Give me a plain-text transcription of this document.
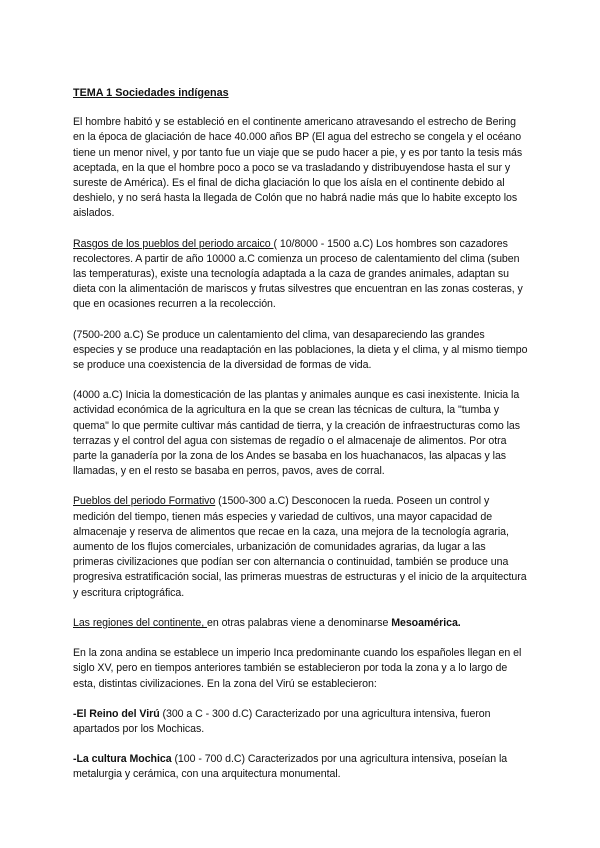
TEMA 1 Sociedades indígenas

El hombre habitó y se estableció en el continente americano atravesando el estrecho de Bering en la época de glaciación de hace 40.000 años BP (El agua del estrecho se congela y el océano tiene un menor nivel, y por tanto fue un viaje que se pudo hacer a pie, y es por tanto la tesis más aceptada, en la que el hombre poco a poco se va trasladando y distribuyendose hasta el sur y sureste de América). Es el final de dicha glaciación lo que los aísla en el continente debido al deshielo, y no será hasta la llegada de Colón que no habrá nadie más que lo habite excepto los aislados.

Rasgos de los pueblos del periodo arcaico ( 10/8000 - 1500 a.C) Los hombres son cazadores recolectores. A partir de año 10000 a.C comienza un proceso de calentamiento del clima (suben las temperaturas), existe una tecnología adaptada a la caza de grandes animales, adaptan su dieta con la alimentación de mariscos y frutas silvestres que encuentran en las zonas costeras, y que en ocasiones recurren a la recolección.

(7500-200 a.C) Se produce un calentamiento del clima, van desapareciendo las grandes especies y se produce una readaptación en las poblaciones, la dieta y el clima, y al mismo tiempo se produce una coexistencia de la diversidad de formas de vida.

(4000 a.C) Inicia la domesticación de las plantas y animales aunque es casi inexistente. Inicia la actividad económica de la agricultura en la que se crean las técnicas de cultura, la "tumba y quema" lo que permite cultivar más cantidad de tierra, y la creación de infraestructuras como las terrazas y el control del agua con sistemas de regadío o el almacenaje de alimentos. Por otra parte la ganadería por la zona de los Andes se basaba en los huachanacos, las alpacas y las llamadas, y en el resto se basaba en perros, pavos, aves de corral.

Pueblos del periodo Formativo (1500-300 a.C) Desconocen la rueda. Poseen un control y medición del tiempo, tienen más especies y variedad de cultivos, una mayor capacidad de almacenaje y reserva de alimentos que recae en la caza, una mejora de la tecnología agraria, aumento de los flujos comerciales, urbanización de comunidades agrarias, da lugar a las primeras civilizaciones que podían ser con alternancia o continuidad, también se produce una progresiva estratificación social, las primeras muestras de estructuras y el inicio de la arquitectura y escritura criptográfica.

Las regiones del continente, en otras palabras viene a denominarse Mesoamérica.

En la zona andina se establece un imperio Inca predominante cuando los españoles llegan en el siglo XV, pero en tiempos anteriores también se establecieron por toda la zona y a lo largo de esta, distintas civilizaciones. En la zona del Virú se establecieron:

-El Reino del Virú (300 a C - 300 d.C) Caracterizado por una agricultura intensiva, fueron apartados por los Mochicas.

-La cultura Mochica (100 - 700 d.C) Caracterizados por una agricultura intensiva, poseían la metalurgia y cerámica, con una arquitectura monumental.
